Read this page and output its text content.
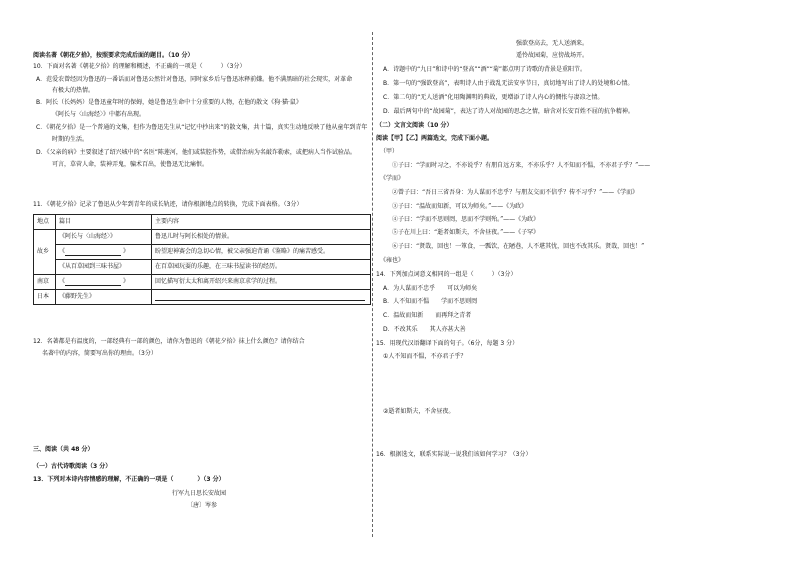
阅读名著《朝花夕拾》，按照要求完成后面的题目。（10 分）
10．下面对名著《朝花夕拾》的理解和概述，不正确的一项是（　　　）（3分）
A．范爱农曾经因为鲁迅的一番话而对鲁迅公然针对鲁迅，同时家乡后与鲁迅冰释前嫌。他不满黑暗的社会现实，对革命
有极大的热情。
B．阿长（长妈妈）是鲁迅童年时的保姆，她是鲁迅生命中十分重要的人物，在他的散文《狗·猫·鼠》
《阿长与〈山海经〉》中都有出现。
C．《朝花夕拾》是一个普通的文集，但作为鲁迅先生从“记忆中抄出来”的散文集，共十篇，真实生动地反映了他从童年到青年
时期的生活。
D．《父亲的病》主要叙述了绍兴城中的“名医”陈莲河，他们或装腔作势，或借治病为名敲诈勒索，或把病人当作试验品。
可言，草菅人命，装神弄鬼，骗术百出，使鲁迅无比痛恨。
11．《朝花夕拾》记录了鲁迅从少年到青年的成长轨迹，请你根据地点的转换，完成下面表格。（3分）
地点	篇目	主要内容
故乡	《阿长与〈山海经〉》	鲁迅儿时与阿长相处的情景。
	《 》	盼望迎神赛会的急切心情，被父亲强迫背诵《鉴略》的痛苦感受。
	《从百草园到三味书屋》	在百草园玩耍的乐趣，在三味书屋读书的经历。
南京	《 》	回忆描写衍太太和离开绍兴来南京求学的过程。
日本	《藤野先生》	
12．名著都是有温度的，一部经典有一部的颜色，请你为鲁迅的《朝花夕拾》抹上什么颜色？请你结合
名著中的内容，简要写出你的理由。（3分）
三、阅读（共 48 分）
（一）古代诗歌阅读（3 分）
13．下列对本诗内容情感的理解，不正确的一项是（　　　　）（3 分）
行军九日思长安故园
〔唐〕岑参
强欲登高去，无人送酒来。
遥怜故园菊，应傍战场开。
A．诗题中的“九日”和诗中的“登高”“酒”“菊”都点明了诗歌的背景是重阳节。
B．第一句的“强欲登高”，表明诗人由于战乱无法安享节日，真切地写出了诗人的处境和心情。
C．第二句的“无人送酒”化用陶渊明的典故，更增添了诗人内心的惆怅与凄凉之情。
D．最后两句中的“故园菊”，表达了诗人对故园的思念之情，暗含对长安百姓不屈的抗争精神。
（二）文言文阅读（10 分）
阅读【甲】【乙】两篇选文，完成下面小题。
（甲）
①子曰：“学而时习之，不亦说乎？有朋自远方来，不亦乐乎？人不知而不愠，不亦君子乎？”——
《学而》
②曾子曰：“吾日三省吾身：为人谋而不忠乎？与朋友交而不信乎？传不习乎？”——《学而》
③子曰：“温故而知新，可以为师矣。”——《为政》
④子曰：“学而不思则罔，思而不学则殆。”——《为政》
⑤子在川上曰：“逝者如斯夫，不舍昼夜。”——《子罕》
⑥子曰：“贤哉，回也！一箪食，一瓢饮，在陋巷，人不堪其忧，回也不改其乐。贤哉，回也！”
《雍也》
14．下列加点词意义相同的一组是（　　　）（3分）
A．为人谋而不忠乎　　可以为师矣
B．人不知而不愠　　学而不思则罔
C．温故而知新　　而再拜之青者
D．不改其乐　　其人亦甚大善
15．用现代汉语翻译下面的句子。（6分，每题 3 分）
①人不知而不愠，不亦君子乎？
②逝者如斯夫，不舍昼夜。
16．根据选文，联系实际说一说我们该如何学习？（3分）
